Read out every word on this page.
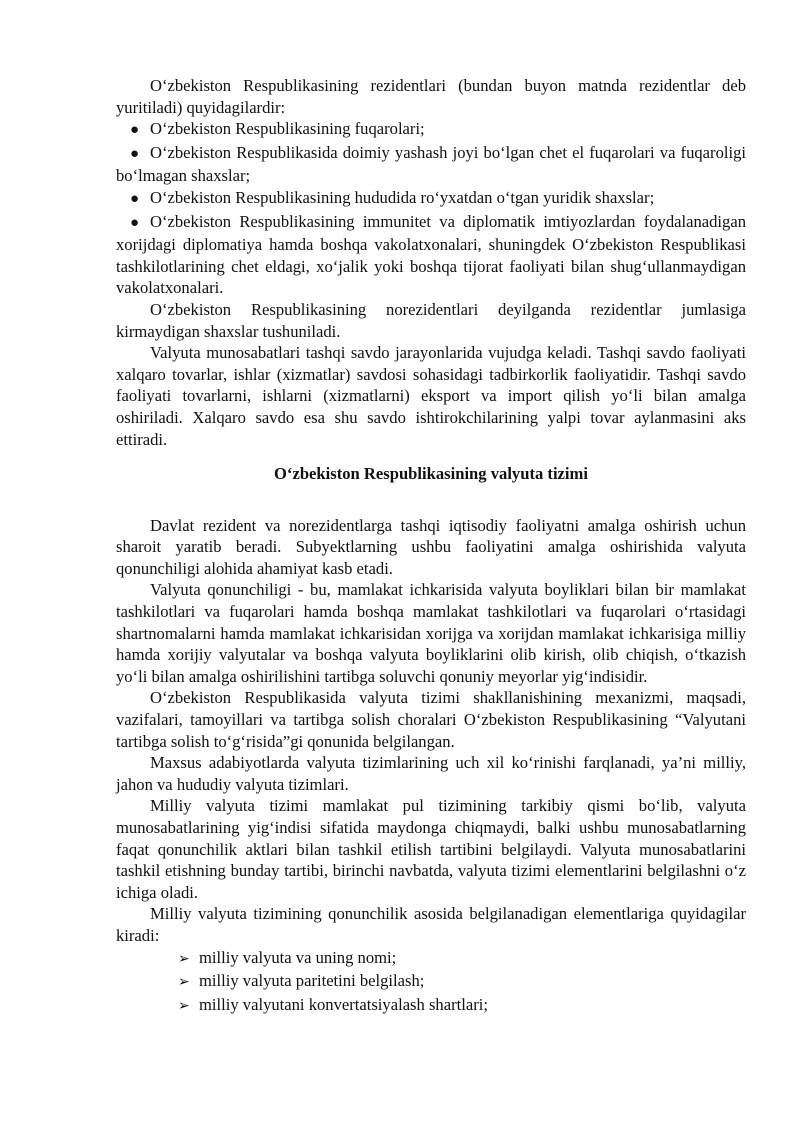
O‘zbekiston Respublikasining rezidentlari (bundan buyon matnda rezidentlar deb yuritiladi) quyidagilardir:

● O‘zbekiston Respublikasining fuqarolari;
● O‘zbekiston Respublikasida doimiy yashash joyi bo‘lgan chet el fuqarolari va fuqaroligi bo‘lmagan shaxslar;
● O‘zbekiston Respublikasining hududida ro‘yxatdan o‘tgan yuridik shaxslar;
● O‘zbekiston Respublikasining immunitet va diplomatik imtiyozlardan foydalanadigan xorijdagi diplomatiya hamda boshqa vakolatxonalari, shuningdek O‘zbekiston Respublikasi tashkilotlarining chet eldagi, xo‘jalik yoki boshqa tijorat faoliyati bilan shug‘ullanmaydigan vakolatxonalari.

O‘zbekiston Respublikasining norezidentlari deyilganda rezidentlar jumlasiga kirmaydigan shaxslar tushuniladi.

Valyuta munosabatlari tashqi savdo jarayonlarida vujudga keladi. Tashqi savdo faoliyati xalqaro tovarlar, ishlar (xizmatlar) savdosi sohasidagi tadbirkorlik faoliyatidir. Tashqi savdo faoliyati tovarlarni, ishlarni (xizmatlarni) eksport va import qilish yo‘li bilan amalga oshiriladi. Xalqaro savdo esa shu savdo ishtirokchilarining yalpi tovar aylanmasini aks ettiradi.

O‘zbekiston Respublikasining valyuta tizimi

Davlat rezident va norezidentlarga tashqi iqtisodiy faoliyatni amalga oshirish uchun sharoit yaratib beradi. Subyektlarning ushbu faoliyatini amalga oshirishida valyuta qonunchiligi alohida ahamiyat kasb etadi.

Valyuta qonunchiligi - bu, mamlakat ichkarisida valyuta boyliklari bilan bir mamlakat tashkilotlari va fuqarolari hamda boshqa mamlakat tashkilotlari va fuqarolari o‘rtasidagi shartnomalarni hamda mamlakat ichkarisidan xorijga va xorijdan mamlakat ichkarisiga milliy hamda xorijiy valyutalar va boshqa valyuta boyliklarini olib kirish, olib chiqish, o‘tkazish yo‘li bilan amalga oshirilishini tartibga soluvchi qonuniy meyorlar yig‘indisidir.

O‘zbekiston Respublikasida valyuta tizimi shakllanishining mexanizmi, maqsadi, vazifalari, tamoyillari va tartibga solish choralari O‘zbekiston Respublikasining “Valyutani tartibga solish to‘g‘risida”gi qonunida belgilangan.

Maxsus adabiyotlarda valyuta tizimlarining uch xil ko‘rinishi farqlanadi, ya’ni milliy, jahon va hududiy valyuta tizimlari.

Milliy valyuta tizimi mamlakat pul tizimining tarkibiy qismi bo‘lib, valyuta munosabatlarining yig‘indisi sifatida maydonga chiqmaydi, balki ushbu munosabatlarning faqat qonunchilik aktlari bilan tashkil etilish tartibini belgilaydi. Valyuta munosabatlarini tashkil etishning bunday tartibi, birinchi navbatda, valyuta tizimi elementlarini belgilashni o‘z ichiga oladi.

Milliy valyuta tizimining qonunchilik asosida belgilanadigan elementlariga quyidagilar kiradi:

➢ milliy valyuta va uning nomi;
➢ milliy valyuta paritetini belgilash;
➢ milliy valyutani konvertatsiyalash shartlari;
